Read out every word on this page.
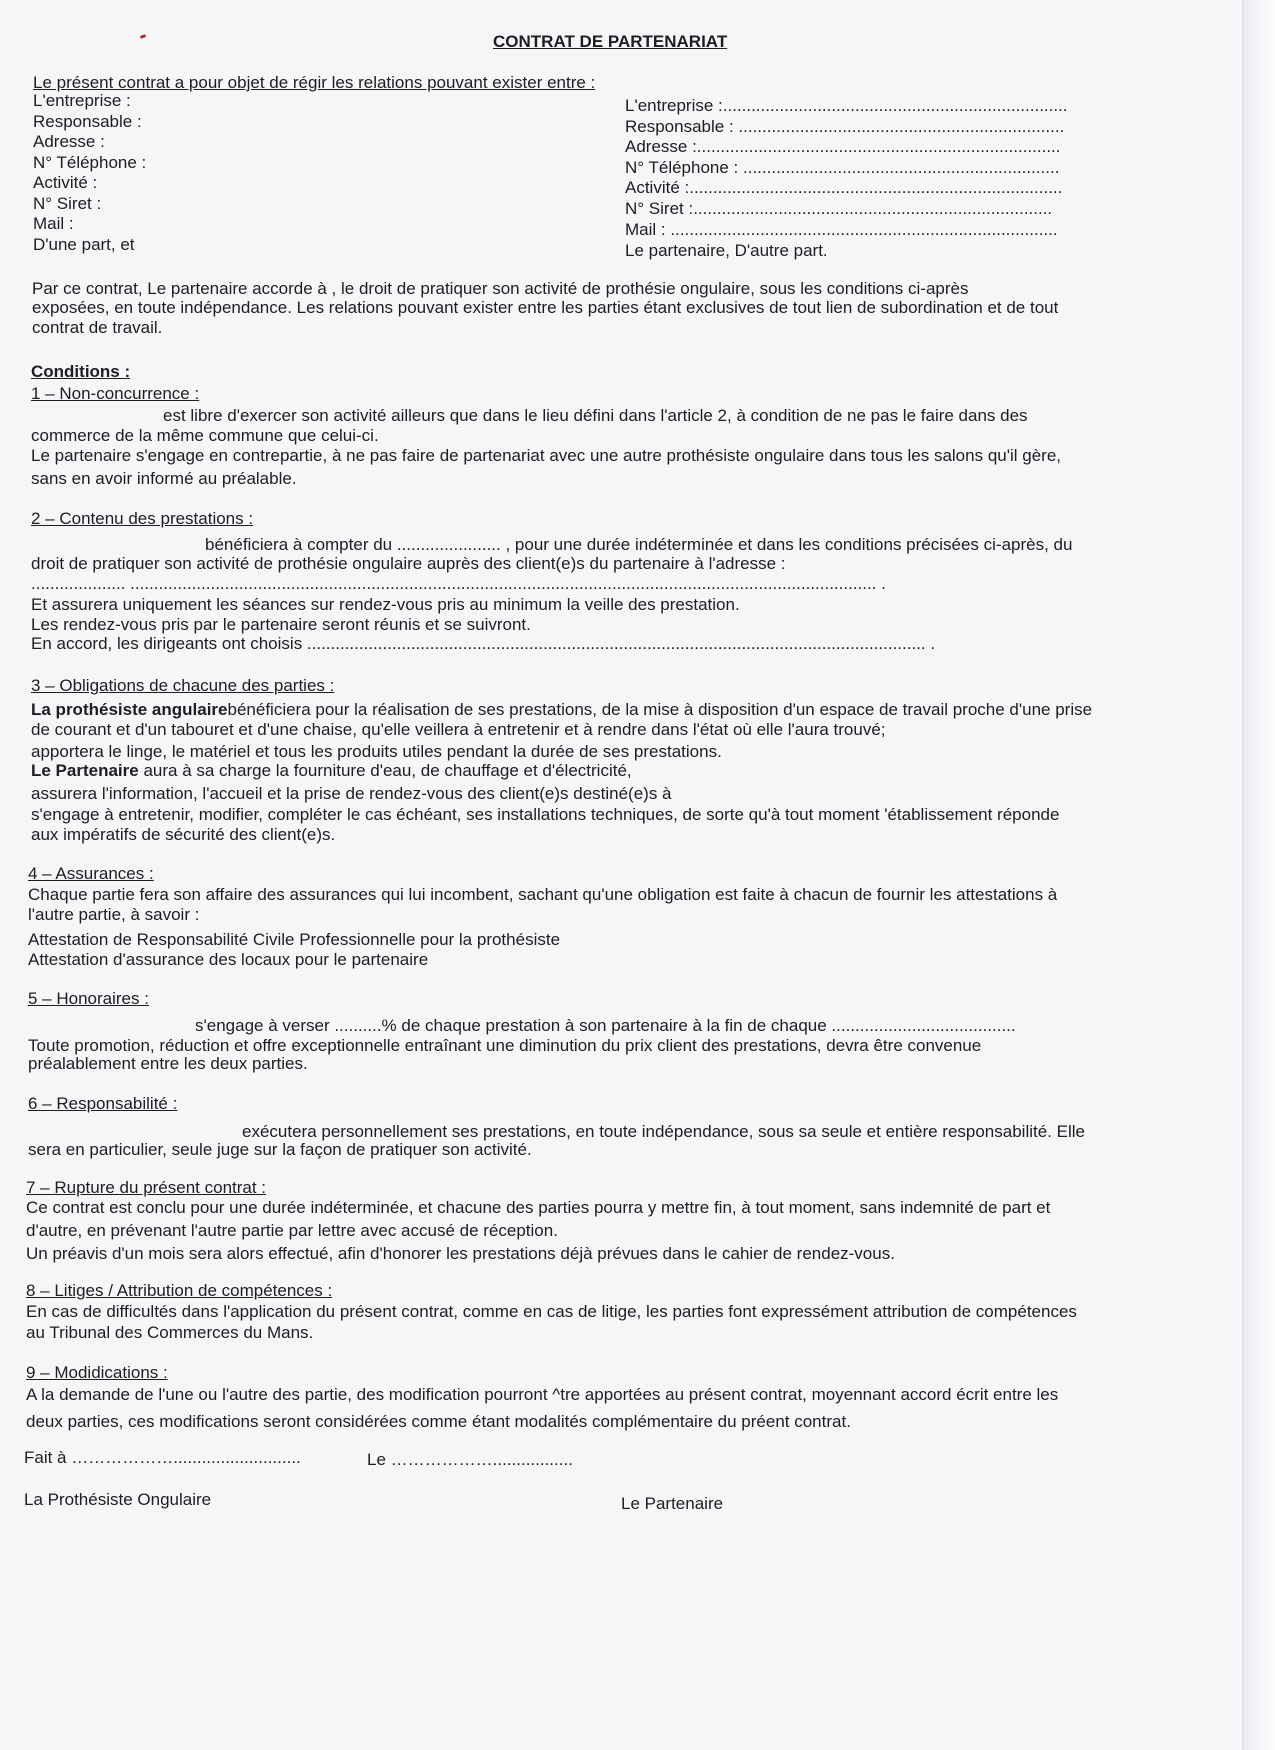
CONTRAT DE PARTENARIAT
Le présent contrat a pour objet de régir les relations pouvant exister entre :
L'entreprise :
Responsable :
Adresse :
N° Téléphone :
Activité :
N° Siret :
Mail :
D'une part, et
L'entreprise :.........................................................................
Responsable : .....................................................................
Adresse :.............................................................................
N° Téléphone : ...................................................................
Activité :...............................................................................
N° Siret :............................................................................
Mail : ..................................................................................
Le partenaire, D'autre part.
Par ce contrat, Le partenaire accorde à , le droit de pratiquer son activité de prothésie ongulaire, sous les conditions ci-après
exposées, en toute indépendance. Les relations pouvant exister entre les parties étant exclusives de tout lien de subordination et de tout
contrat de travail.
Conditions :
1 – Non-concurrence :
est libre d'exercer son activité ailleurs que dans le lieu défini dans l'article 2, à condition de ne pas le faire dans des
commerce de la même commune que celui-ci.
Le partenaire s'engage en contrepartie, à ne pas faire de partenariat avec une autre prothésiste ongulaire dans tous les salons qu'il gère,
sans en avoir informé au préalable.
2 – Contenu des prestations :
bénéficiera à compter du ...................... , pour une durée indéterminée et dans les conditions précisées ci-après, du
droit de pratiquer son activité de prothésie ongulaire auprès des client(e)s du partenaire à l'adresse :
.................... .............................................................................................................................................................. .
Et assurera uniquement les séances sur rendez-vous pris au minimum la veille des prestation.
Les rendez-vous pris par le partenaire seront réunis et se suivront.
En accord, les dirigeants ont choisis ................................................................................................................................... .
3 – Obligations de chacune des parties :
La prothésiste angulairebénéficiera pour la réalisation de ses prestations, de la mise à disposition d'un espace de travail proche d'une prise
de courant et d'un tabouret et d'une chaise, qu'elle veillera à entretenir et à rendre dans l'état où elle l'aura trouvé;
apportera le linge, le matériel et tous les produits utiles pendant la durée de ses prestations.
Le Partenaire aura à sa charge la fourniture d'eau, de chauffage et d'électricité,
assurera l'information, l'accueil et la prise de rendez-vous des client(e)s destiné(e)s à
s'engage à entretenir, modifier, compléter le cas échéant, ses installations techniques, de sorte qu'à tout moment 'établissement réponde
aux impératifs de sécurité des client(e)s.
4 – Assurances :
Chaque partie fera son affaire des assurances qui lui incombent, sachant qu'une obligation est faite à chacun de fournir les attestations à
l'autre partie, à savoir :
Attestation de Responsabilité Civile Professionnelle pour la prothésiste
Attestation d'assurance des locaux pour le partenaire
5 – Honoraires :
s'engage à verser ..........% de chaque prestation à son partenaire à la fin de chaque .......................................
Toute promotion, réduction et offre exceptionnelle entraînant une diminution du prix client des prestations, devra être convenue
préalablement entre les deux parties.
6 – Responsabilité :
exécutera personnellement ses prestations, en toute indépendance, sous sa seule et entière responsabilité. Elle
sera en particulier, seule juge sur la façon de pratiquer son activité.
7 – Rupture du présent contrat :
Ce contrat est conclu pour une durée indéterminée, et chacune des parties pourra y mettre fin, à tout moment, sans indemnité de part et
d'autre, en prévenant l'autre partie par lettre avec accusé de réception.
Un préavis d'un mois sera alors effectué, afin d'honorer les prestations déjà prévues dans le cahier de rendez-vous.
8 – Litiges / Attribution de compétences :
En cas de difficultés dans l'application du présent contrat, comme en cas de litige, les parties font expressément attribution de compétences
au Tribunal des Commerces du Mans.
9 – Modidications :
A la demande de l'une ou l'autre des partie, des modification pourront ^tre apportées au présent contrat, moyennant accord écrit entre les
deux parties, ces modifications seront considérées comme étant modalités complémentaire du préent contrat.
Fait à ………………...........................	Le ……………….................
La Prothésiste Ongulaire	Le Partenaire
